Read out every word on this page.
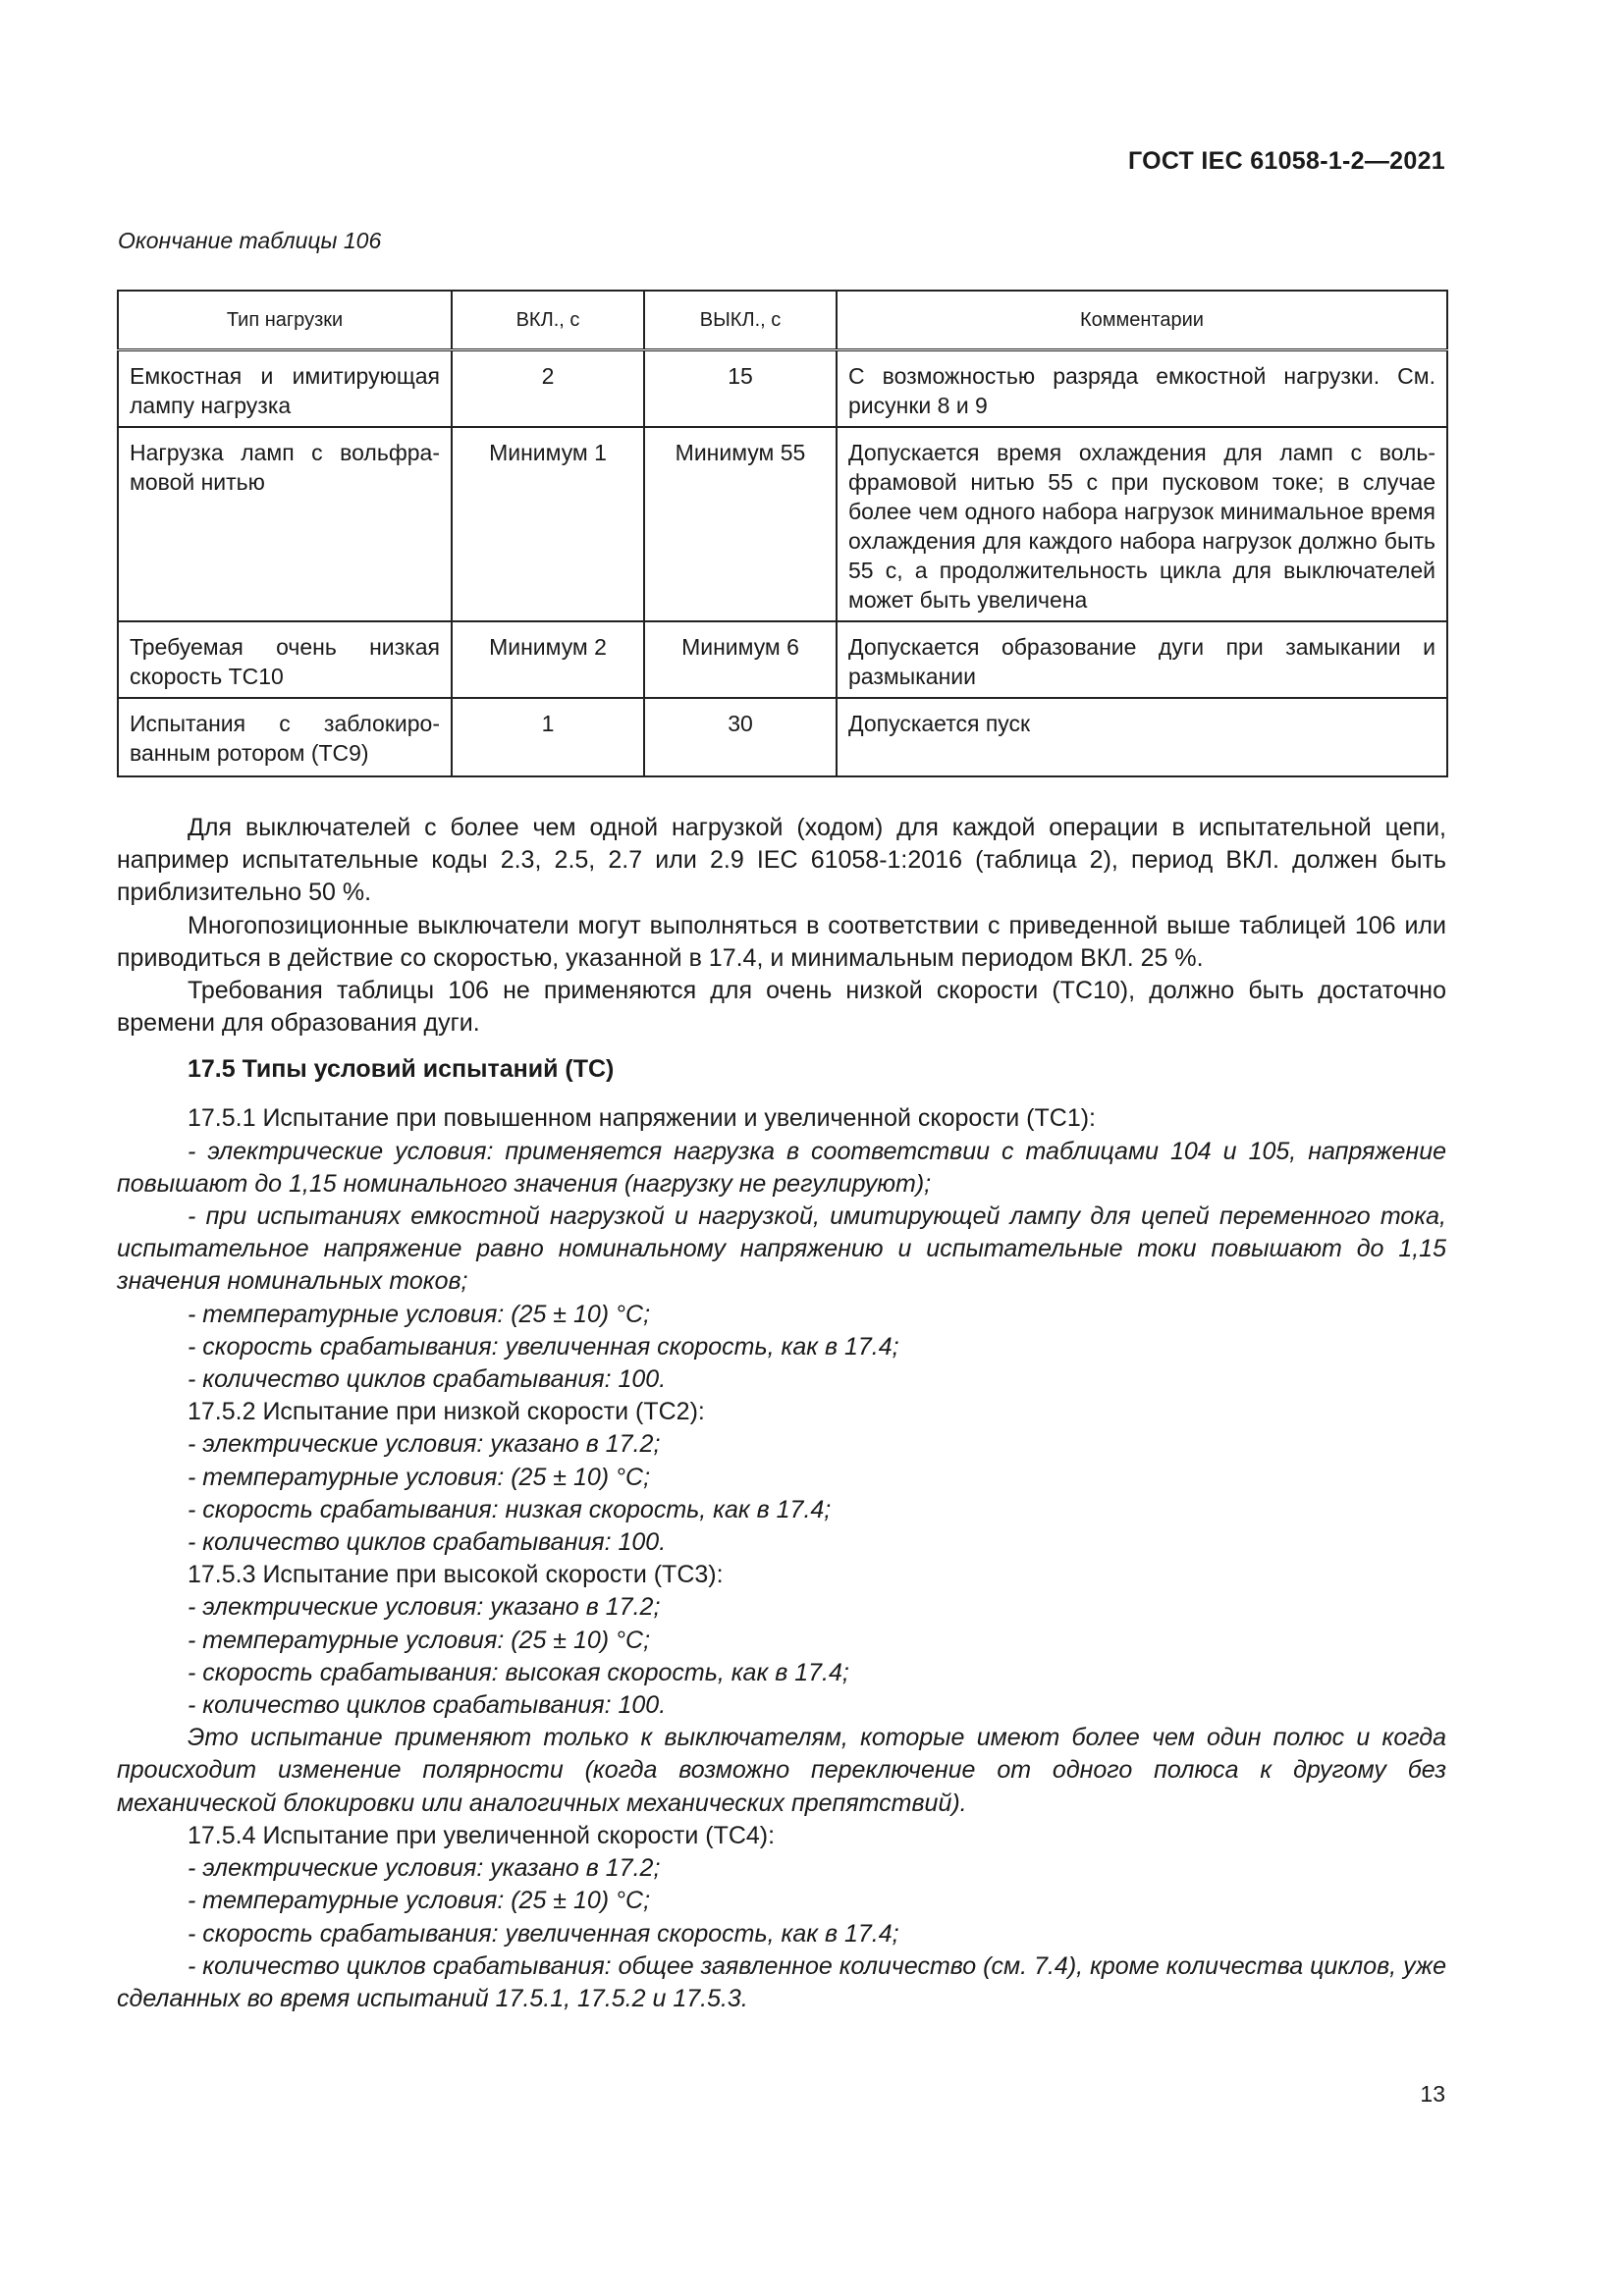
ГОСТ IEC 61058-1-2—2021
Окончание таблицы 106
Тип нагрузки	ВКЛ., с	ВЫКЛ., с	Комментарии
Емкостная и имитирующая лампу нагрузка	2	15	С возможностью разряда емкостной нагрузки. См. рисунки 8 и 9
Нагрузка ламп с вольфра-мовой нитью	Минимум 1	Минимум 55	Допускается время охлаждения для ламп с воль-фрамовой нитью 55 с при пусковом токе; в случае более чем одного набора нагрузок минимальное время охлаждения для каждого набора нагрузок должно быть 55 с, а продолжительность цикла для выключателей может быть увеличена
Требуемая очень низкая скорость ТС10	Минимум 2	Минимум 6	Допускается образование дуги при замыкании и размыкании
Испытания с заблокиро-ванным ротором (ТС9)	1	30	Допускается пуск

Для выключателей с более чем одной нагрузкой (ходом) для каждой операции в испытательной цепи, например испытательные коды 2.3, 2.5, 2.7 или 2.9 IEC 61058-1:2016 (таблица 2), период ВКЛ. должен быть приблизительно 50 %.

Многопозиционные выключатели могут выполняться в соответствии с приведенной выше таблицей 106 или приводиться в действие со скоростью, указанной в 17.4, и минимальным периодом ВКЛ. 25 %.

Требования таблицы 106 не применяются для очень низкой скорости (ТС10), должно быть достаточно времени для образования дуги.

17.5 Типы условий испытаний (ТС)

17.5.1 Испытание при повышенном напряжении и увеличенной скорости (ТС1):

- электрические условия: применяется нагрузка в соответствии с таблицами 104 и 105, напряжение повышают до 1,15 номинального значения (нагрузку не регулируют);

- при испытаниях емкостной нагрузкой и нагрузкой, имитирующей лампу для цепей переменного тока, испытательное напряжение равно номинальному напряжению и испытательные токи повышают до 1,15 значения номинальных токов;

- температурные условия: (25 ± 10) °С;

- скорость срабатывания: увеличенная скорость, как в 17.4;

- количество циклов срабатывания: 100.

17.5.2 Испытание при низкой скорости (ТС2):

- электрические условия: указано в 17.2;

- температурные условия: (25 ± 10) °С;

- скорость срабатывания: низкая скорость, как в 17.4;

- количество циклов срабатывания: 100.

17.5.3 Испытание при высокой скорости (ТС3):

- электрические условия: указано в 17.2;

- температурные условия: (25 ± 10) °С;

- скорость срабатывания: высокая скорость, как в 17.4;

- количество циклов срабатывания: 100.

Это испытание применяют только к выключателям, которые имеют более чем один полюс и когда происходит изменение полярности (когда возможно переключение от одного полюса к другому без механической блокировки или аналогичных механических препятствий).

17.5.4 Испытание при увеличенной скорости (ТС4):

- электрические условия: указано в 17.2;

- температурные условия: (25 ± 10) °С;

- скорость срабатывания: увеличенная скорость, как в 17.4;

- количество циклов срабатывания: общее заявленное количество (см. 7.4), кроме количества циклов, уже сделанных во время испытаний 17.5.1, 17.5.2 и 17.5.3.

13
